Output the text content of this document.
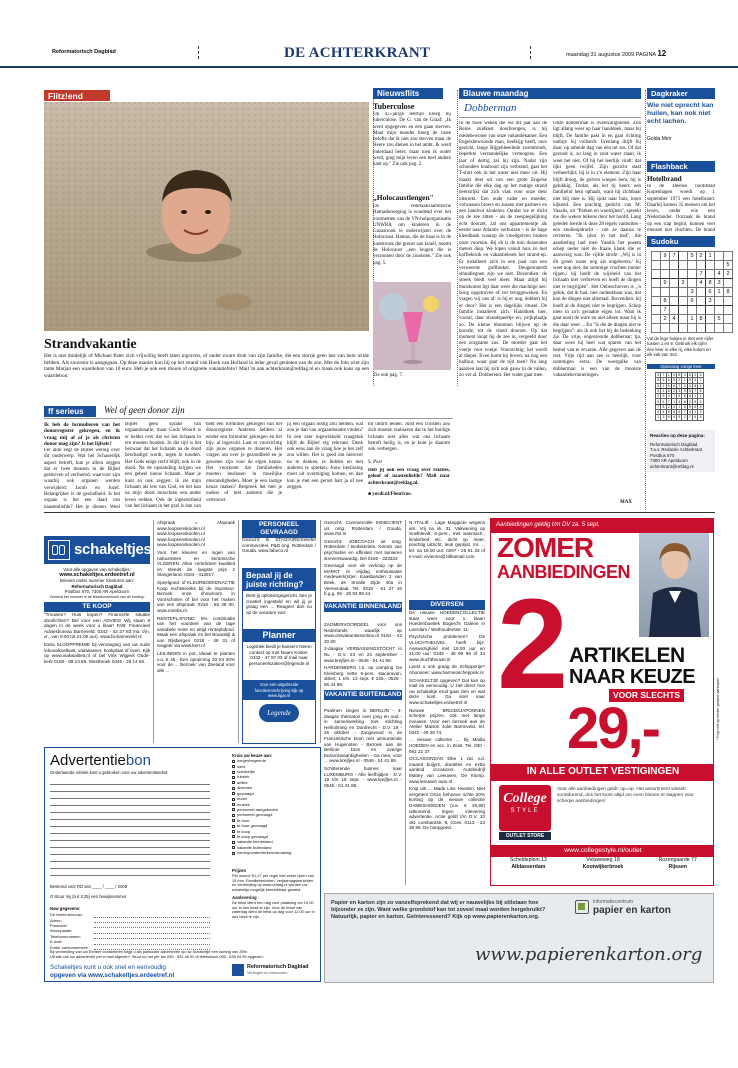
Reformatorisch Dagblad	DE ACHTERKRANT	maandag 31 augustus 2009 PAGINA 12
Flitz!end
Strandvakantie
Het is niet duidelijk of Michael Pater zich vrijwillig heeft laten ingraven, of onder zware druk van zijn familie, die een stortje geen last van hem wilde hebben. Als souvenir is aangegaan. Op deze manier kon hij op het strand van Hoek van Holland in ieder geval genieten van de zon. Met de foto wint zijn tante Marjan een waardebon van 10 euro. Heb je ook een mooie of originele vakantiefoto? Mail 'm aan achterkrant@refdag.nl en maak ook kans op een waardebon.
Nieuwsflits
Tuberculose
Op 4,5-jarige leeftijd kreeg hij tuberculose. De G. van de Graaf: „Ik werd opgegeven en een gaan sterven. Maar mijn moeder kreeg de vaste belofte dat ik niet zou sterven maar de Heere zou dienen in het ambt. Ik werd inderdaad beter, maar toen ik ouder werd, ging mijn leven een heel andere kant op." Zie ook pag. 2.
„Holocaustlengen"
De rederaalislamitische Hamasbeweging is woedend over het voornemen van de VN-hulporganisatie UNWRA om kinderen in de Gazastrook te onderwijzen over de Holocaust. Hamas, die de baas is in de kuststrook die grenst aan Israël, noemt de Holocaust „een leugen die is verzonnen door de zionisten." Zie ook pag. 5.
Zie ook pag. 7.
Blauwe maandag
Dobberman
In de twee weken die we dit jaar aan de Reine zuidkust doorbrengen, is hij medebewoner van onze vakantiekamer. Een Engelsbewoonde man, heelkijg heeft, nors gezicht, lange Bijgebleeelnde zwembroek, beperkte verstandelijke vermogens. Een jaar of dertig zal hij zijn. Nadat zijn schouders knalrood zijn verbrand, gaat het T-shirt ook in het water niet meer uit. Hij maakt deel uit van een grote Engelse familie die elke dag op het matige strand neerstrijkt dat zich vlak voor onze deur uitstrekt. Een oude vader en moeder, volwassen broers en zussen met partners en een handvol kinderen. Omdat we er dicht op de zee zitten - als de zeespiegelijking echt doorzet, zal ons appartementje als eerste naar Atlantis verhuizen - is de hage kleedbank waarop de vloedgolven broken onze voortuin. Bij eb is de tuin duizenden meters diep. We lopen vanuit huis zo met koffiekruik en vakantieboek het strand-op. Er installeert zich in een paal van een verweerde golfbreker. Deugenraterdt strandlegnen zijn we niet. Bovendien: de streek biedt veel meer. Maar altijd bij thuiskomst ligt daar weer die machtige zee: hoog opgetroven of ver teruggeweken. En vragen wij ons af: is hij er nog, dobbert hij er door? Het is een dagelijks ritueel. De familie installeert zich. Handdoek hier, vooral, daar strandspeeltje en, prijkplaatje zo. De kleine blommen blijven op de hoorde, tot de vloed doorzet. Op dat moment loopt hij de zee in, vergeefd door een zorgzame zus. De moeder gaat het voetje voor voetje. Voorzichtig: het wordt al dieper. Even komt hij boven, na nog een halfuur, waar gaat de tijd toen? Na lang aanzien laat hij zich ook gauw in de vallen, zo ver al. Dobberend. Het water gaat mee.
Onze dobberman is overezaligheden. Zon ligt allang weer op haar handdoek, maar hij blijft. De familie pakt in en gaat richting ontbijt: hij volhardt. Urenlang drijft hij daar, op arbeide dag van één tot zes. Of dat gezond is, zo lang in zout water staan, ik weet het niet. Of hij het leerlijk vindt: dat lijkt geen twijfel. Zijn gezicht staat verheerlijkt; hij is in z'n element. Zijn haar blijft droog, de golven wiegen hem, hij is gelukkig. Totdat, als het tij keert, een familielid hem ophaalt, want hij zichtbaar niet blij mee is. Hij sjokt naar huis, loom kijkend. Een prachtig gedicht van M. Vasalis, uit "Parken en woestijnen", spreekt me die weken telkens door het hoofd. Lang geleden leerde ik deze 28 regels vanbuiten - een studieopdracht - om ze daarna te reciteren. "Ik ijlsst in het bad", die aandoeling had toen Vasalis het poeem schep neder niet de fraaie klank die er aanwezig was. De vijfde strofe: „Wij is in dit groen water nog als ongeboren;/ hij weet nog niet, dat sommige vrachten immer rijpen,/ hij hoeft de wijsheid van het lichaam niet verbreven en hoeft de dingen niet te begrijpen". Het Onbeschreven is „'n geluk, dat ik had, niet ondenkbaar was, dat kon de dingen niet allemaal. Bovendien: hij hoeft al de dingen niet te begrijpen. Schep niets in zo'n geraakte eigen lot. Want ik gaat nooit de ware en niet alleen maar hij is die daar weer ... En "Is die de dingen niet te begrijpen": als ik ook het bij de bedenking zie. De vrije, ongestoorde dobberaar: tja, daar wees hij heel wat sparen van het hemel van te ervaren. Alle gegeven aan de rest. Vrije tijd aan zee is heerlijk, voor sommigen extra. De weergalke van dobberman is een van de mooiste vakantieherinneringen.
MAX
Dagkraker
Wie niet oprecht kan huilen, kan ook niet echt lachen.
Golda Meir
Flashback
Hotelbrand
In de Deense hoofdstad Kopenhagen woedt op 1 september 1973 een hotelbrand. Daarbij komen 35 mensen om het leven, onder wie een Nederlander. Oorzaak de brand op een trap begint, kunnen veel mensen niet vluchten. De brand
Sudoku
	9	7		5	2	1		
								5
					7		4	2
	9		2		4	8	3	
				3		6	1	8
	8			6		3		
	7							
	2	4		1	8		5	

Vul de lege hokjes in met een cijfer tussen 1 en 9. Gebruik elk cijfer één keer in elke rij, elke kolom en elk vak van 3x3.
Oplossing vorige keer
3	7	1	9	8	4	6	2	5
8	6	4	5	2	1	9	3	7
5	2	9	6	7	3	4	8	1
4	1	8	2	3	9	5	7	6
2	9	3	7	5	6	8	1	4
6	5	7	1	4	8	2	9	3
7	8	2	3	1	5	9	6	4
9	4	5	8	6	7	3	1	2
1	3	6	4	9	2	7	5	8
Reacties op deze pagina:
Reformatorisch Dagblad
T.a.v. Redactie Achterkrant
Postbus 670
7300 AR Apeldoorn
achterkrant@refdag.nl
ff serieus	Wel of geen donor zijn
Ik heb de formulieren van het donorregister gekregen, en ik vraag mij af of je als christen donor mag zijn? Is het lijfsels?
Fer aldo zegt de Bijbel weinig over dit onderwerp. Wat het Schaoerlijk aspect betreft, kun je allera zeggen dat er twee mensen in de Bijbel gestorven of verfoemd, waarvoor zijn waarbij ook organen werden verwijderd: Jacob en Jozef. Belangrijker is de gezindheid. Is het orgaan is het een daad van naastenliefde? Het je dienen. Weel
Bijbel geen sprake van orgaandonatie, maar Gods Woord is er helder over dat we het lichaam in ere moeten houden. In die tijd is het bezwaar dat het lichaam na de dood beschadigd wordt, tegen te houden. Het Gods enige recht blijft, ook in de dood. Na de opstanding krijgen we een geheel nieuw lichaam. Maar je kunt zo ook zeggen: ik zie mijn lichaam als iets van God, en het kan na mijn dood misschien een ander leven redden. Ook de ingestortheid van het lichaam in het graf is dan van
hebt een formulier gekregen van het donorregister. Anderen hebben al eerder een formulier gekregen en het bijv. al ingevuld. Laat er voorzichtig zijn jouw organen te doneren. Het vragen om over je gezondheid en je geweten zijn voor de eigen keuze. Het voorkomt dat familieleden moeten beslissen in moeilijke omstandigheden. Moet je een lastige keuze maken? Bespreek het met je ouders of met anderen die je vertrouwt.
jij een orgaan nodig zou hebben, wat zou je dan van orgaandonatie vinden? In een zeer ingewikkeld vraagstuk blijft de Bijbel erg relevant. Denk ook eens aan de vraag hoe je het zelf zou willen. Het is goed om hierover na te denken, te bidden en met anderen te spreken. Jouw beslissing moet uit overtuiging komen, en dan kun je met een gerust hart ja of nee zeggen.
tot uitdrit leiden. Juist een christen zou zich moeten realiseren dat in het huidige lichaam niet alles wat ons lichaam betreft heilig is, en je kunt je daarom ook verbergen.
S. Post
Heb jij ook een vraag over relaties, geloof of naastenliefde? Mail naar achterkrant@refdag.nl.
■ yordi.nl/Fleuricus.
schakeltjes
Voor alle opgaven van schakeltjes:
www.schakeltjes.erdeetref.nl
Brieven onder nummer toesturen aan:
Reformatorisch Dagblad
Postbus 670, 7300 AR Apeldoorn
Vermeld het nummer in de linkerbovenhoek van de envelop
TE KOOP

"Trouwen? Huis kopen? Financiële situatie doorlichten? Bel voor een ADVIES! Wij staan 8 dagen in de week voor u klaar! FAB: Financieel Adviesbureau Barneveld: 0342 - 42 37 83 ma. t/m. vr., van 9.00 tot 21.00 uur). www.fa-barneveld.nl

Extra SLOOPPREMIE bij vervanging van uw oude inbouwkoelkast, vaatwasser, kookplaat of oven. Kijk op www.viakwaliteit.nl of bel Vink Wijgeel Oude-kerk 0180 - 69 13 86. Westbroek 0346 - 28 14 56.

Afspraak = Afspraak www.loopsenskoolen.nl www.loopsenskoolen.nl www.loopsenskoolen.nl www.loopsenskoolen.nl

Voor het kleuren en ingen van natuursteen en keramische VLOEREN. Allen certelicken kwaliteit en steeds de laagste prijs 2 Slangerland, 0184 - 413917.

Speelgoed: of KLEURBOEKENACTIE Koop rechtstreeks bij de importeur. Bezoek onze showroom in Voorschoten of bel voor het maken van een afspraak: 0318 - 65 39 00. www.mirebs.nl.

RENTEPLAFOND: 5% combinatie van het voordeel van de lage variabele rente en altijd renteplafond. Maak een afspraak en bel Bouwstijl & van Rijsbergen 0318 - 49 31 of reageer via www.kerr.nl

LEILINDEN in pot, ideaal te planten v.a. € 45,- Een opruiming 20 tot 30% voor de ... Bezoek: van Zeeland voor alle ...

PERSONEEL GEVRAAGD
Gezocht: Ik STAGIAIRE/Inleefer commerciëel, P&D ong. Rotterdam / Gouda. www.fabeco.nl
Bepaal jij de juiste richting?
Bent jij oplossingsgericht, ben je creatief ingesteld en wil jij je graag een ... Reageer dan nu op de vacature van:
Planner
Logistiek biedt je kansen! Neem contact op met Naam Koster, 0342 - 47 97 03 of mail naar personeelszaken@legende.nl
Voor een uitgebreide functieomschrijving kijk op www.ligai.nl
Legende

Gezocht: Commerciële INDIECIENT uit omg. Rotterdam / Gouda. www.rhs.nl

Gezocht: JOBCOACH uit omg. Rotterdam / Bodskeriets. Kennis van psychiatrie en affiniteit met tuinieren strevenswaardig. Bel 0180 - 323333

Gevraagd voor de verkoop op de MARKT te vrijdag enthousiaste medewerk(st)er. Kaasbanden 2 van Beek, de Smalle Zijde 40a in Veenendaal. Tel. 0318 - 51 27 16 b.g.g. 06 - 28 93 89 44.

VAKANTIE BINNENLAND

ZAOMERVOORDEEL voor ons Nederlands waarlijk op www.onsvakantiesonline.nl 0184 - 42 20 80

2-daagse VERBASSINGSTOCHT in NL - D.V. 23 en 24 september - www.krejfjes.nl - 0546 - 51 41 88.

HARDENBERG t.k. op camping De Kleinberg nette 6-pers. stacaravan, dirket, 1 t/m. 13 sept. € 225,- 0525 - 66 44 98.

VAKANTIE BUITENLAND

Psalmen zingen in BERLIJN - 4-daagse thematoir over jong en oud - in samenwerking met stichting Heiholming en Dordrecht - D.V. 19 - 26 oktober - Zangavond in de Französische Dom met uitmuntende van Hugenoten - Bezoek aan de Berliner Dom en overige bezienswaardigheden - Ga mee, voor ... www.krejfjes.nl - 0546 - 51 41 88.

Schitterende busreis naar LUXEMBURG - Alle leefbijdjes - D.V. 19 t/m 18 sept. - www.krejfjes.nl - 0546 - 51 41 88.

N.-ITALIË - Lage Maggiore wegens am. Vrij na vk. 31. Vakwening op Snelblevdt, 6-pers., met wasmach., kinderbed etc. dicht op meer, prachtig uitzicht, leuk geprijst. Inl. ... tel. na 18.00 uur: 0297 - 25 51 33 of e-mail: vivienne@ziltkamail.com
DIVERSEN

De nieuwe HOEDENCOLLECTIE staat weer voor u klaar! Hoedenboetiek Bogerd's Galerie in Leerdam / Wethoudersstr. 11.

Psychische problemen? De VLUCHTHEUVEL heeft bijz. Aanwezigheid met 19.00 uur en 21.00 uur: 0348 - 48 99 99 of 34 www.vluchtheuvel.nl

Leest u ook graag de Schippertje? Abonneer: www.harmenscheppink.nl

SCHAKELTJE opgeven? Dat kan op mail en eenvoudig. U ziet direct hoe uw schakeltje eruit gaat zien en wat deze kost. Ga snel naar www.schakeltjes.erdeetref.nl

Nieuwe BRUIDSJAPONNEN scherpe prijzen, ook met lange mouwen. Voor een bezoek aan de Atelier Maison Jolie Barneveld, tel. 0342 - 49 25 74.

... nieuwe collectie ... bij Madia HOEDEN en acc. in Zeist. Tel. 030 - 692 22 37.

OCCASIONDAG Elke 1 zat. v.d. maand buijyrs, dranktes en extra aanbod occasions. Autobedrijf Mattey van Leeuwen, De Klomp. www.leeuwen auto.nl

Knip uit! ... Made Lise Hoeden. Niet vergeten! Onze behoeve ochte 20% korting op de nieuwe collectie DAMESHOEDEN (v.a. € 29,99) uitkomend tegen inlevering advertentie. Actie geldt t/m D.V. 10 okt. Lombardstr. 8, Goes, 0113 - 23 38 99. De hoepgoed.

Advertentiebon
Ondertaande rubriek kunt u gebruiken voor uw advertentietekst:
Bestemd voor RD van ____ / ____ / 2009
O Stuur mij (á € 3,25) een bewijsnummer
Naw gegevens:
De heer/mevrouw:
Adres:
Postcode:
Woonplaats:
Telefoonnummer:
E-mail:
Ender cantonnement:
Bij vermelding van uw Eeriber contanteren krijgt u als particulier advertentie op uw Schakeltje een korting van 25%.
Uit wilt ook uw advertentie per e-mail afgeven? Stuur nu het per fax 055 - 542 48 02 of telefonisch 055 - 539 04 99 opgeven.
Schakeltjes kunt u ook snel en eenvoudig
opgeven via www.schakeltjes.erdeetref.nl
Kruis uw keuze aan:
zorgenbegeerde
werk
schakeltje
rubriek
artikle
diversen
gevraagd
huren
muziek
personeel aangeboden
personeel gevraagd
te huur
te huur gevraagd
te koop
te koop gevraagd
vakantie binnenland
vakantie buitenland
correspondentie/kennismaking
Prijzen
Per woord: €1,27 per regel met zeker rijzen van 15 mm. Familieberichten, verjaardagsberichten en vermelding op www.refdag.nl worden uw schakeltje mogelijk beschikbaar gesteld.
Aanlevering
De tekst dient een dag voor plaatsing om 15.00 uur in ons bezit te zijn. Voor de krant van zaterdag dient de tekst op dag voor 12.00 uur in ons bezit te zijn.
Reformatorisch Dagblad
Verbogen en betrouwen
Aanbiedingen geldig t/m DV za. 5 sept.
ZOMER
AANBIEDINGEN
2 ARTIKELEN
NAAR KEUZE
VOOR SLECHTS
29,-
IN ALLE OUTLET VESTIGINGEN
College
STYLE
OUTLET STORE
Voor alle aanbiedingen geldt: op=op. Het assortiment wisselt voortdurend, dus het loont altijd om even binnen te stappen voor scherpe aanbiedingen!
www.collegestyle.nl/outlet
Scheldeplein 13
Alblasserdam
Veluweweg 18
Kootwijkerbroek
Rozengaarde 77
Rijssen
* Prijs niet op eerder gedane aankopen
Papier en karton zijn zo vanzelfsprekend dat wij er nauwelijks bij stilstaan hoe bijzonder ze zijn. Want welke grondstof kan tot zoveel maal worden hergebruikt? Natuurlijk, papier en karton. Geïnteresseerd? Kijk op www.papierenkarton.org.
informatiecentrum
papier en karton
www.papierenkarton.org
